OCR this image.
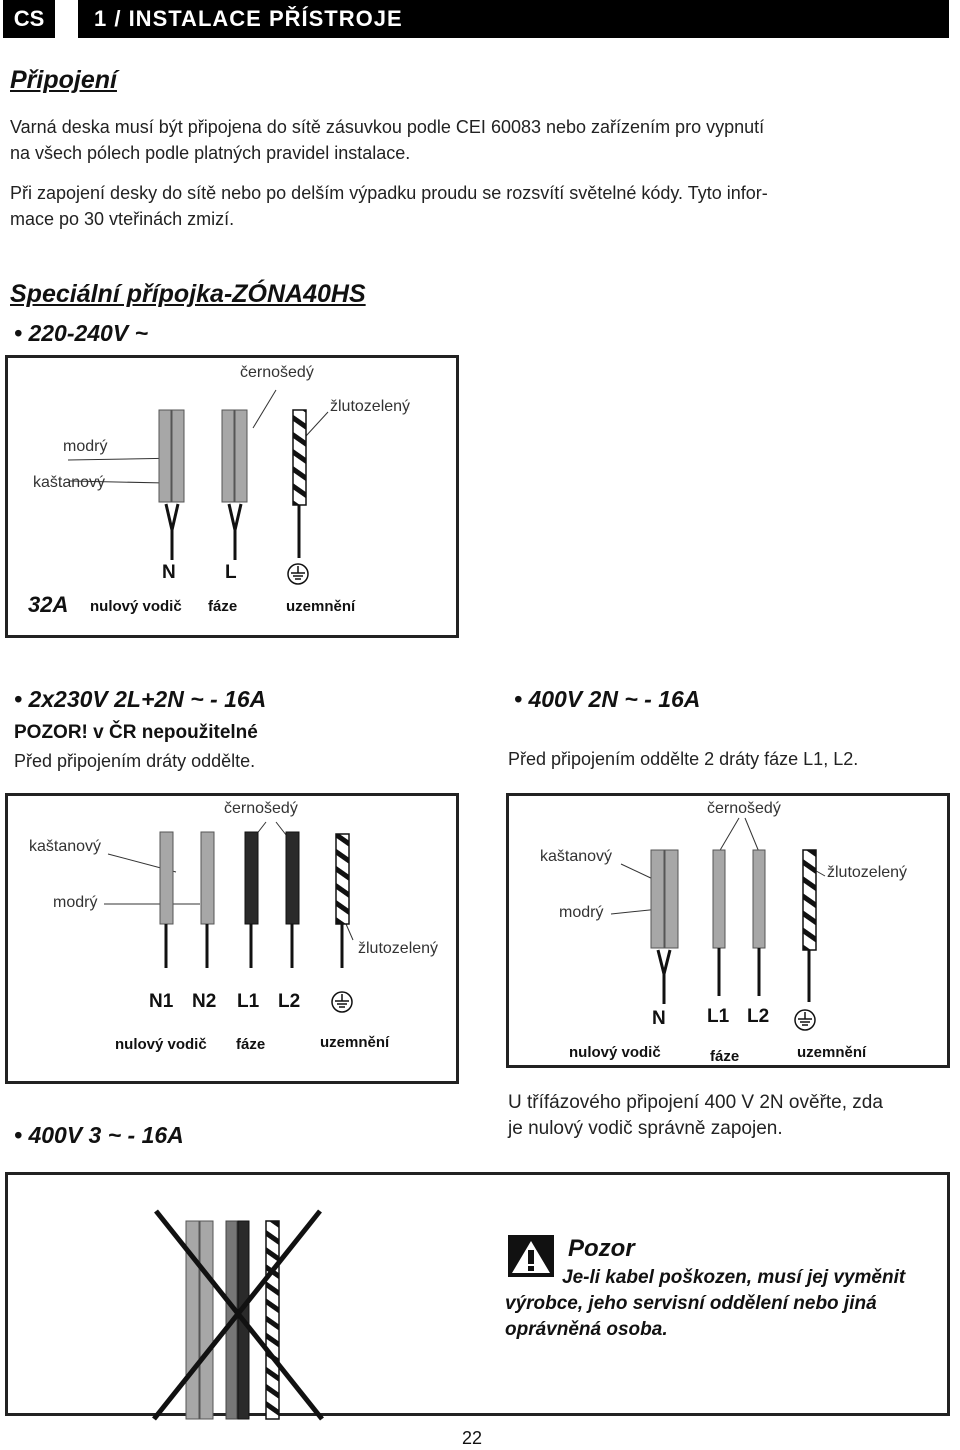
CS	1 / INSTALACE PŘÍSTROJE
Připojení
Varná deska musí být připojena do sítě zásuvkou podle CEI 60083 nebo zařízením pro vypnutí
na všech pólech podle platných pravidel instalace.
Při zapojení desky do sítě nebo po delším výpadku proudu se rozsvítí světelné kódy. Tyto infor-
mace po 30 vteřinách zmizí.
Speciální přípojka-ZÓNA40HS
• 220-240V ~
černošedý
žlutozelený
modrý
kaštanový
N	L
32A nulový vodič fáze	uzemnění
• 2x230V 2L+2N ~ - 16A
POZOR! v ČR nepoužitelné
Před připojením dráty oddělte.
• 400V 2N ~ - 16A
Před připojením oddělte 2 dráty fáze L1, L2.
černošedý
kaštanový
modrý
žlutozelený
N1 N2 L1 L2
nulový vodič fáze	uzemnění
černošedý
kaštanový
žlutozelený
modrý
N L1 L2
nulový vodič	fáze	uzemnění
U třífázového připojení 400 V 2N ověřte, zda
je nulový vodič správně zapojen.
• 400V 3 ~ - 16A
Pozor
Je-li kabel poškozen, musí jej vyměnit
výrobce, jeho servisní oddělení nebo jiná
oprávněná osoba.
22
